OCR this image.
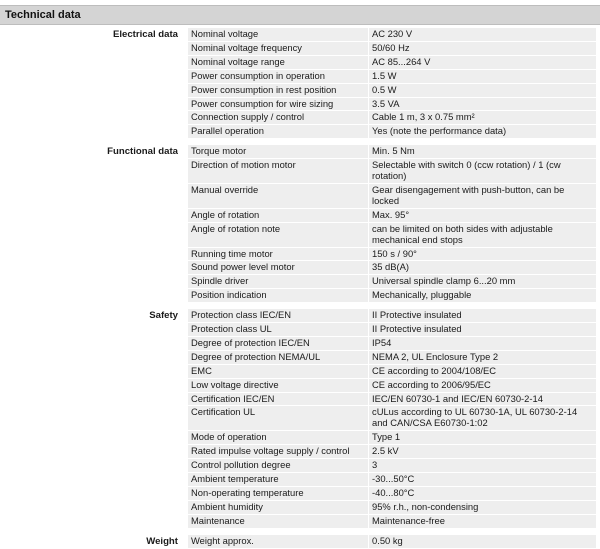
Technical data
Electrical data	Nominal voltage	AC 230 V
Nominal voltage frequency	50/60 Hz
Nominal voltage range	AC 85...264 V
Power consumption in operation	1.5 W
Power consumption in rest position	0.5 W
Power consumption for wire sizing	3.5 VA
Connection supply / control	Cable 1 m, 3 x 0.75 mm²
Parallel operation	Yes (note the performance data)
Functional data	Torque motor	Min. 5 Nm
Direction of motion motor	Selectable with switch 0 (ccw rotation) / 1 (cw rotation)
Manual override	Gear disengagement with push-button, can be locked
Angle of rotation	Max. 95°
Angle of rotation note	can be limited on both sides with adjustable mechanical end stops
Running time motor	150 s / 90°
Sound power level motor	35 dB(A)
Spindle driver	Universal spindle clamp 6...20 mm
Position indication	Mechanically, pluggable
Safety	Protection class IEC/EN	II Protective insulated
Protection class UL	II Protective insulated
Degree of protection IEC/EN	IP54
Degree of protection NEMA/UL	NEMA 2, UL Enclosure Type 2
EMC	CE according to 2004/108/EC
Low voltage directive	CE according to 2006/95/EC
Certification IEC/EN	IEC/EN 60730-1 and IEC/EN 60730-2-14
Certification UL	cULus according to UL 60730-1A, UL 60730-2-14 and CAN/CSA E60730-1:02
Mode of operation	Type 1
Rated impulse voltage supply / control	2.5 kV
Control pollution degree	3
Ambient temperature	-30...50°C
Non-operating temperature	-40...80°C
Ambient humidity	95% r.h., non-condensing
Maintenance	Maintenance-free
Weight	Weight approx.	0.50 kg
